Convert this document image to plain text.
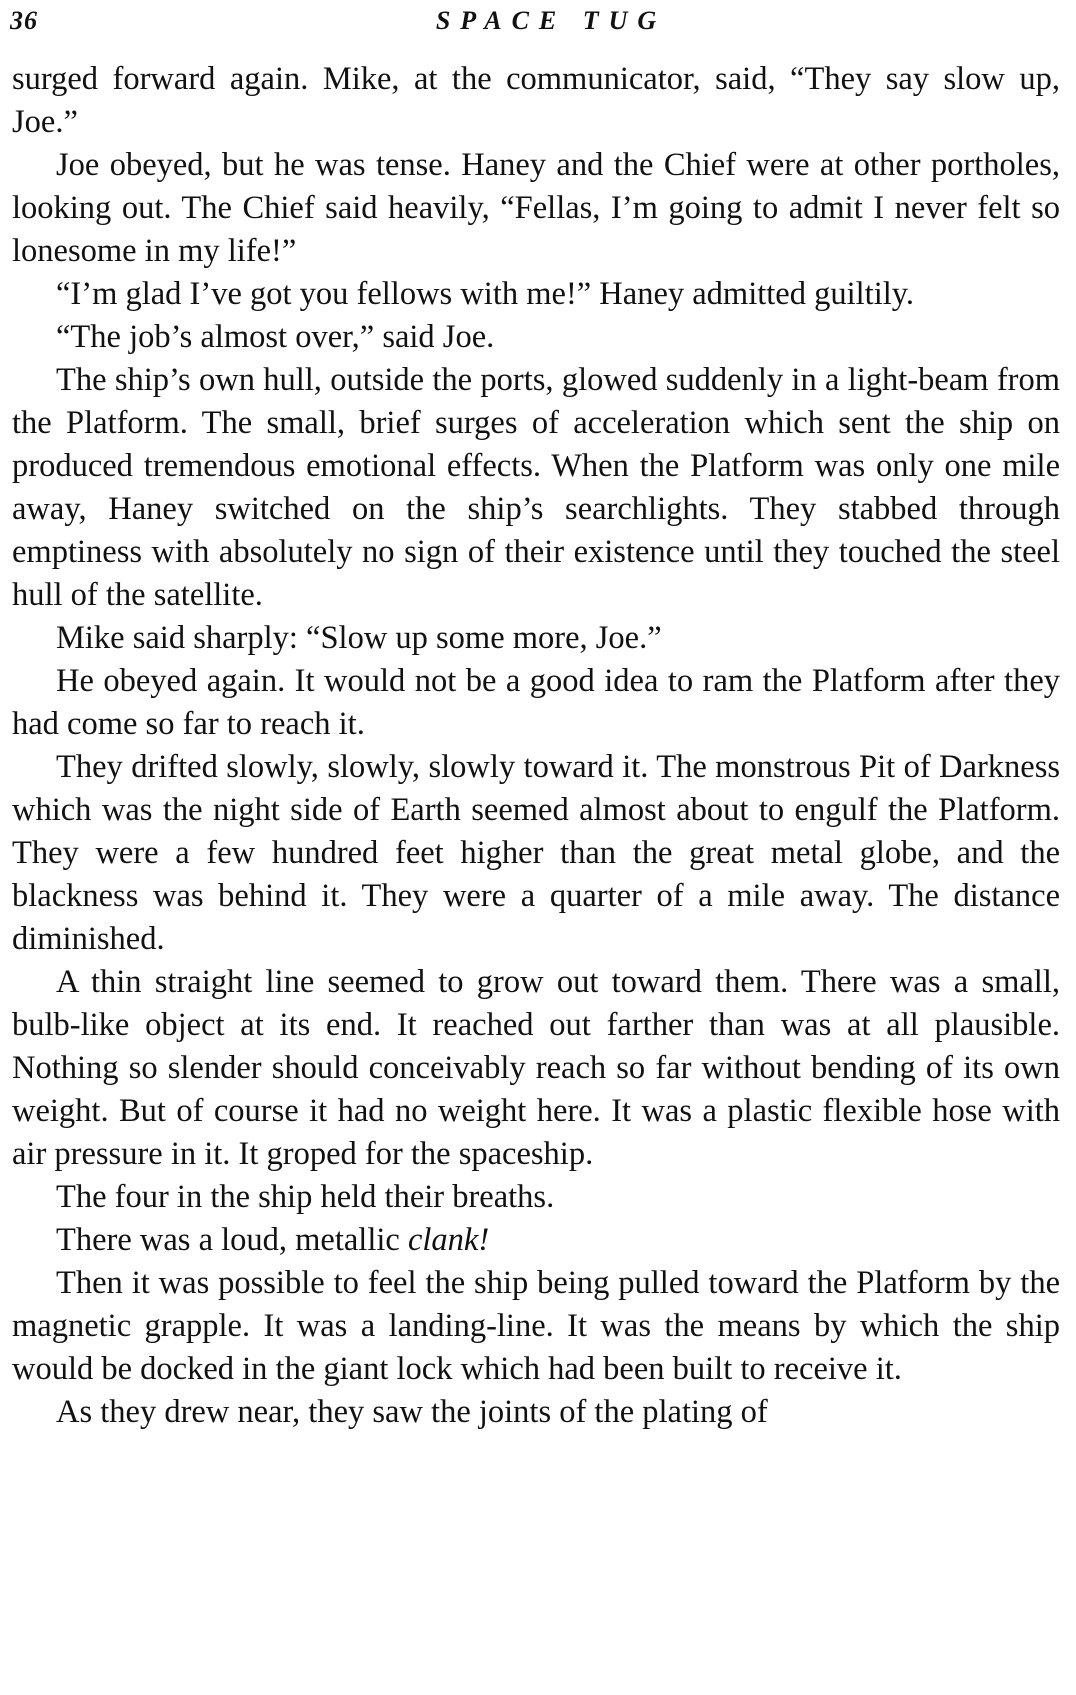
36	SPACE TUG

surged forward again. Mike, at the communicator, said, “They say slow up, Joe.”

Joe obeyed, but he was tense. Haney and the Chief were at other portholes, looking out. The Chief said heavily, “Fellas, I’m going to admit I never felt so lonesome in my life!”

“I’m glad I’ve got you fellows with me!” Haney admitted guiltily.

“The job’s almost over,” said Joe.

The ship’s own hull, outside the ports, glowed suddenly in a light-beam from the Platform. The small, brief surges of acceleration which sent the ship on produced tremendous emotional effects. When the Platform was only one mile away, Haney switched on the ship’s searchlights. They stabbed through emptiness with absolutely no sign of their existence until they touched the steel hull of the satellite.

Mike said sharply: “Slow up some more, Joe.”

He obeyed again. It would not be a good idea to ram the Platform after they had come so far to reach it.

They drifted slowly, slowly, slowly toward it. The monstrous Pit of Darkness which was the night side of Earth seemed almost about to engulf the Platform. They were a few hundred feet higher than the great metal globe, and the blackness was behind it. They were a quarter of a mile away. The distance diminished.

A thin straight line seemed to grow out toward them. There was a small, bulb-like object at its end. It reached out farther than was at all plausible. Nothing so slender should conceivably reach so far without bending of its own weight. But of course it had no weight here. It was a plastic flexible hose with air pressure in it. It groped for the spaceship.

The four in the ship held their breaths.

There was a loud, metallic clank!

Then it was possible to feel the ship being pulled toward the Platform by the magnetic grapple. It was a landing-line. It was the means by which the ship would be docked in the giant lock which had been built to receive it.

As they drew near, they saw the joints of the plating of
